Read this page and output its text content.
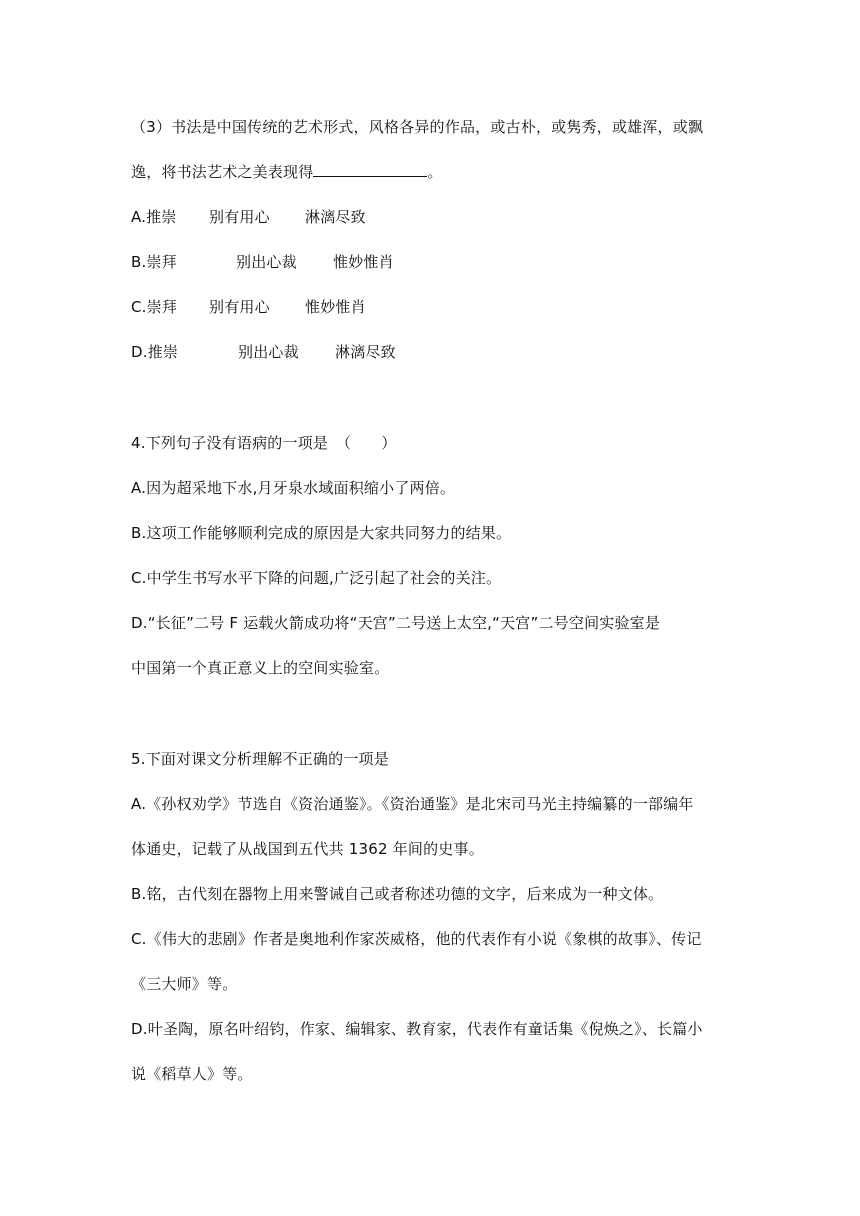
（3）书法是中国传统的艺术形式，风格各异的作品，或古朴，或隽秀，或雄浑，或飘
逸，将书法艺术之美表现得	。
A.推崇 别有用心 淋漓尽致
B.崇拜	别出心裁 惟妙惟肖
C.崇拜 别有用心 惟妙惟肖
D.推崇	别出心裁 淋漓尽致
4.下列句子没有语病的一项是　（　　）
A.因为超采地下水,月牙泉水域面积缩小了两倍。
B.这项工作能够顺利完成的原因是大家共同努力的结果。
C.中学生书写水平下降的问题,广泛引起了社会的关注。
D.“长征”二号 F 运载火箭成功将“天宫”二号送上太空,“天宫”二号空间实验室是
中国第一个真正意义上的空间实验室。
5.下面对课文分析理解不正确的一项是
A.《孙权劝学》节选自《资治通鉴》。《资治通鉴》是北宋司马光主持编纂的一部编年
体通史，记载了从战国到五代共 1362 年间的史事。
B.铭，古代刻在器物上用来警诫自己或者称述功德的文字，后来成为一种文体。
C.《伟大的悲剧》作者是奥地利作家茨威格，他的代表作有小说《象棋的故事》、传记
《三大师》等。
D.叶圣陶，原名叶绍钧，作家、编辑家、教育家，代表作有童话集《倪焕之》、长篇小
说《稻草人》等。
